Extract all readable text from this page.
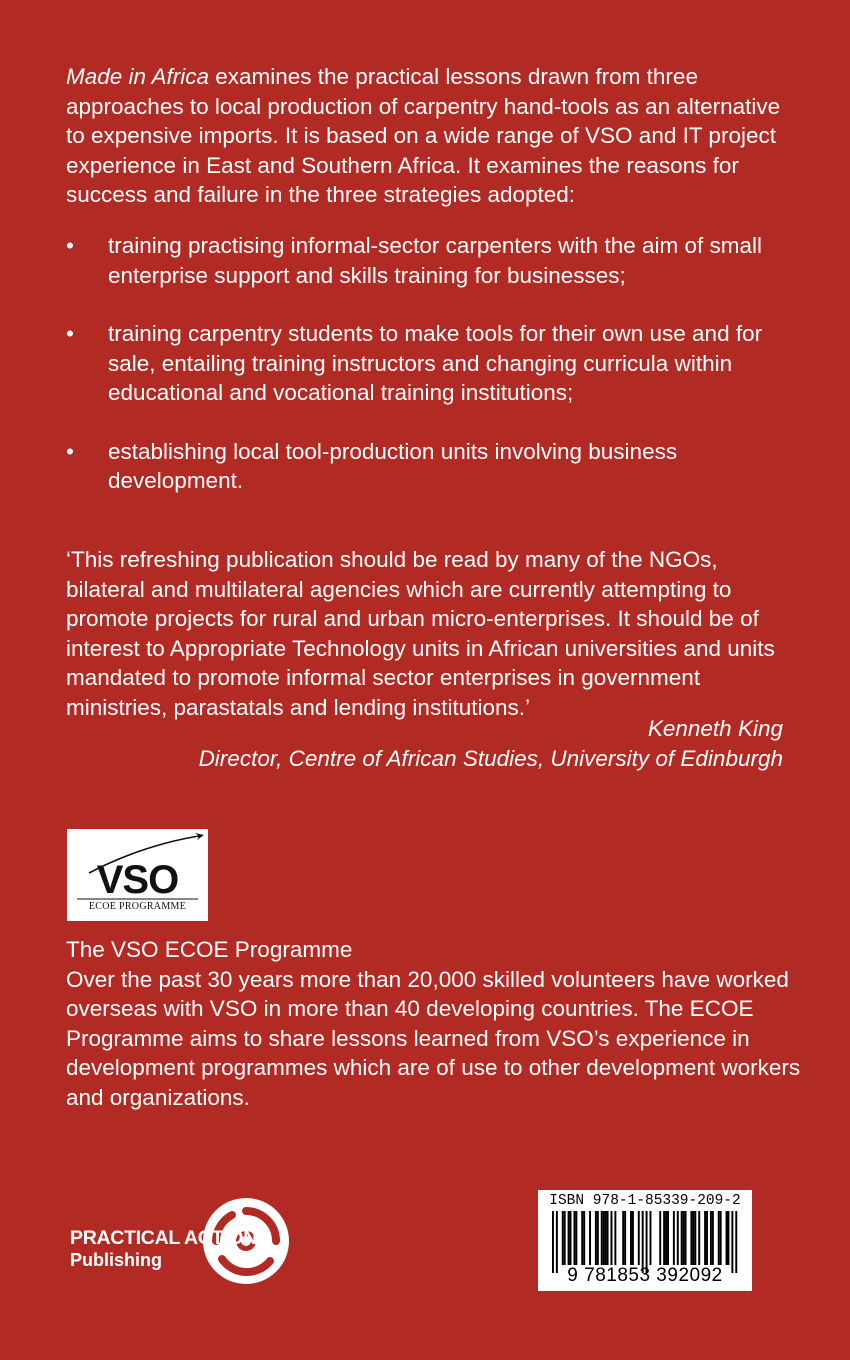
Made in Africa examines the practical lessons drawn from three approaches to local production of carpentry hand-tools as an alternative to expensive imports. It is based on a wide range of VSO and IT project experience in East and Southern Africa. It examines the reasons for success and failure in the three strategies adopted:

• training practising informal-sector carpenters with the aim of small enterprise support and skills training for businesses;
• training carpentry students to make tools for their own use and for sale, entailing training instructors and changing curricula within educational and vocational training institutions;
• establishing local tool-production units involving business development.

‘This refreshing publication should be read by many of the NGOs, bilateral and multilateral agencies which are currently attempting to promote projects for rural and urban micro-enterprises. It should be of interest to Appropriate Technology units in African universities and units mandated to promote informal sector enterprises in government ministries, parastatals and lending institutions.’

Kenneth King
Director, Centre of African Studies, University of Edinburgh
VSO
ECOE PROGRAMME

The VSO ECOE Programme

Over the past 30 years more than 20,000 skilled volunteers have worked overseas with VSO in more than 40 developing countries. The ECOE Programme aims to share lessons learned from VSO’s experience in development programmes which are of use to other development workers and organizations.

PRACTICAL ACTION
Publishing
ISBN 978-1-85339-209-2
9 781853 392092
